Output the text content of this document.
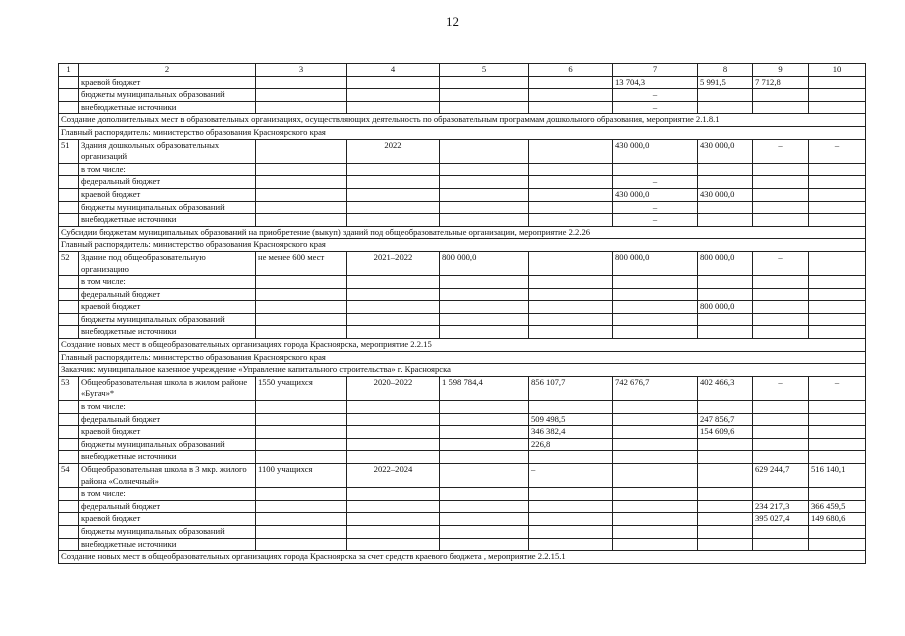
12
1	2	3	4	5	6	7	8	9	10
	краевой бюджет					13 704,3	5 991,5	7 712,8	
	бюджеты муниципальных образований					–			
	внебюджетные источники					–			
Создание дополнительных мест в образовательных организациях, осуществляющих деятельность по образовательным программам дошкольного образования, мероприятие 2.1.8.1									
Главный распорядитель: министерство образования Красноярского края									
51	Здания дошкольных образовательных организаций		2022			430 000,0	430 000,0	–	–
	в том числе:								
	федеральный бюджет					–			
	краевой бюджет					430 000,0	430 000,0		
	бюджеты муниципальных образований					–			
	внебюджетные источники					–			
Субсидии бюджетам муниципальных образований на приобретение (выкуп) зданий под общеобразовательные организации, мероприятие 2.2.26									
Главный распорядитель: министерство образования Красноярского края									
52	Здание под общеобразовательную организацию	не менее 600 мест	2021–2022	800 000,0		800 000,0	800 000,0	–	
	в том числе:								
	федеральный бюджет								
	краевой бюджет						800 000,0		
	бюджеты муниципальных образований								
	внебюджетные источники								
Создание новых мест в общеобразовательных организациях города Красноярска, мероприятие 2.2.15									
Главный распорядитель: министерство образования Красноярского края									
Заказчик: муниципальное казенное учреждение «Управление капитального строительства» г. Красноярска									
53	Общеобразовательная школа в жилом районе «Бугач»*	1550 учащихся	2020–2022	1 598 784,4	856 107,7	742 676,7	402 466,3	–	–
	в том числе:								
	федеральный бюджет				509 498,5		247 856,7		
	краевой бюджет				346 382,4		154 609,6		
	бюджеты муниципальных образований				226,8				
	внебюджетные источники								
54	Общеобразовательная школа в 3 мкр. жилого района «Солнечный»	1100 учащихся	2022–2024		–			629 244,7	516 140,1
	в том числе:								
	федеральный бюджет							234 217,3	366 459,5
	краевой бюджет							395 027,4	149 680,6
	бюджеты муниципальных образований								
	внебюджетные источники								
Создание новых мест в общеобразовательных организациях города Красноярска за счет средств краевого бюджета , мероприятие 2.2.15.1									
